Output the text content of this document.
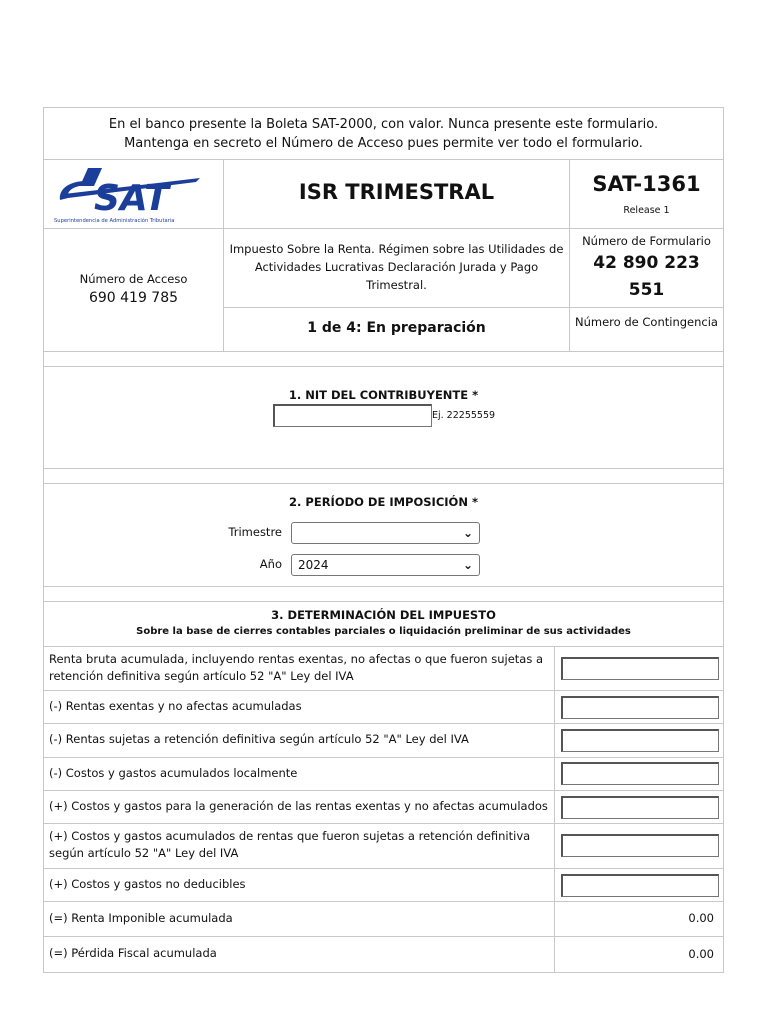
En el banco presente la Boleta SAT-2000, con valor. Nunca presente este formulario.
Mantenga en secreto el Número de Acceso pues permite ver todo el formulario.
SAT
Superintendencia de Administración Tributaria
ISR TRIMESTRAL	SAT-1361
Release 1
Número de Acceso
690 419 785
Impuesto Sobre la Renta. Régimen sobre las Utilidades de Actividades Lucrativas Declaración Jurada y Pago Trimestral.
Número de Formulario
42 890 223
551
1 de 4: En preparación	Número de Contingencia
1. NIT DEL CONTRIBUYENTE *
Ej. 22255559
2. PERÍODO DE IMPOSICIÓN *
Trimestre	⌄
Año	2024	⌄
3. DETERMINACIÓN DEL IMPUESTO
Sobre la base de cierres contables parciales o liquidación preliminar de sus actividades
Renta bruta acumulada, incluyendo rentas exentas, no afectas o que fueron sujetas a retención definitiva según artículo 52 "A" Ley del IVA
(-) Rentas exentas y no afectas acumuladas
(-) Rentas sujetas a retención definitiva según artículo 52 "A" Ley del IVA
(-) Costos y gastos acumulados localmente
(+) Costos y gastos para la generación de las rentas exentas y no afectas acumulados
(+) Costos y gastos acumulados de rentas que fueron sujetas a retención definitiva según artículo 52 "A" Ley del IVA
(+) Costos y gastos no deducibles
(=) Renta Imponible acumulada	0.00
(=) Pérdida Fiscal acumulada	0.00
